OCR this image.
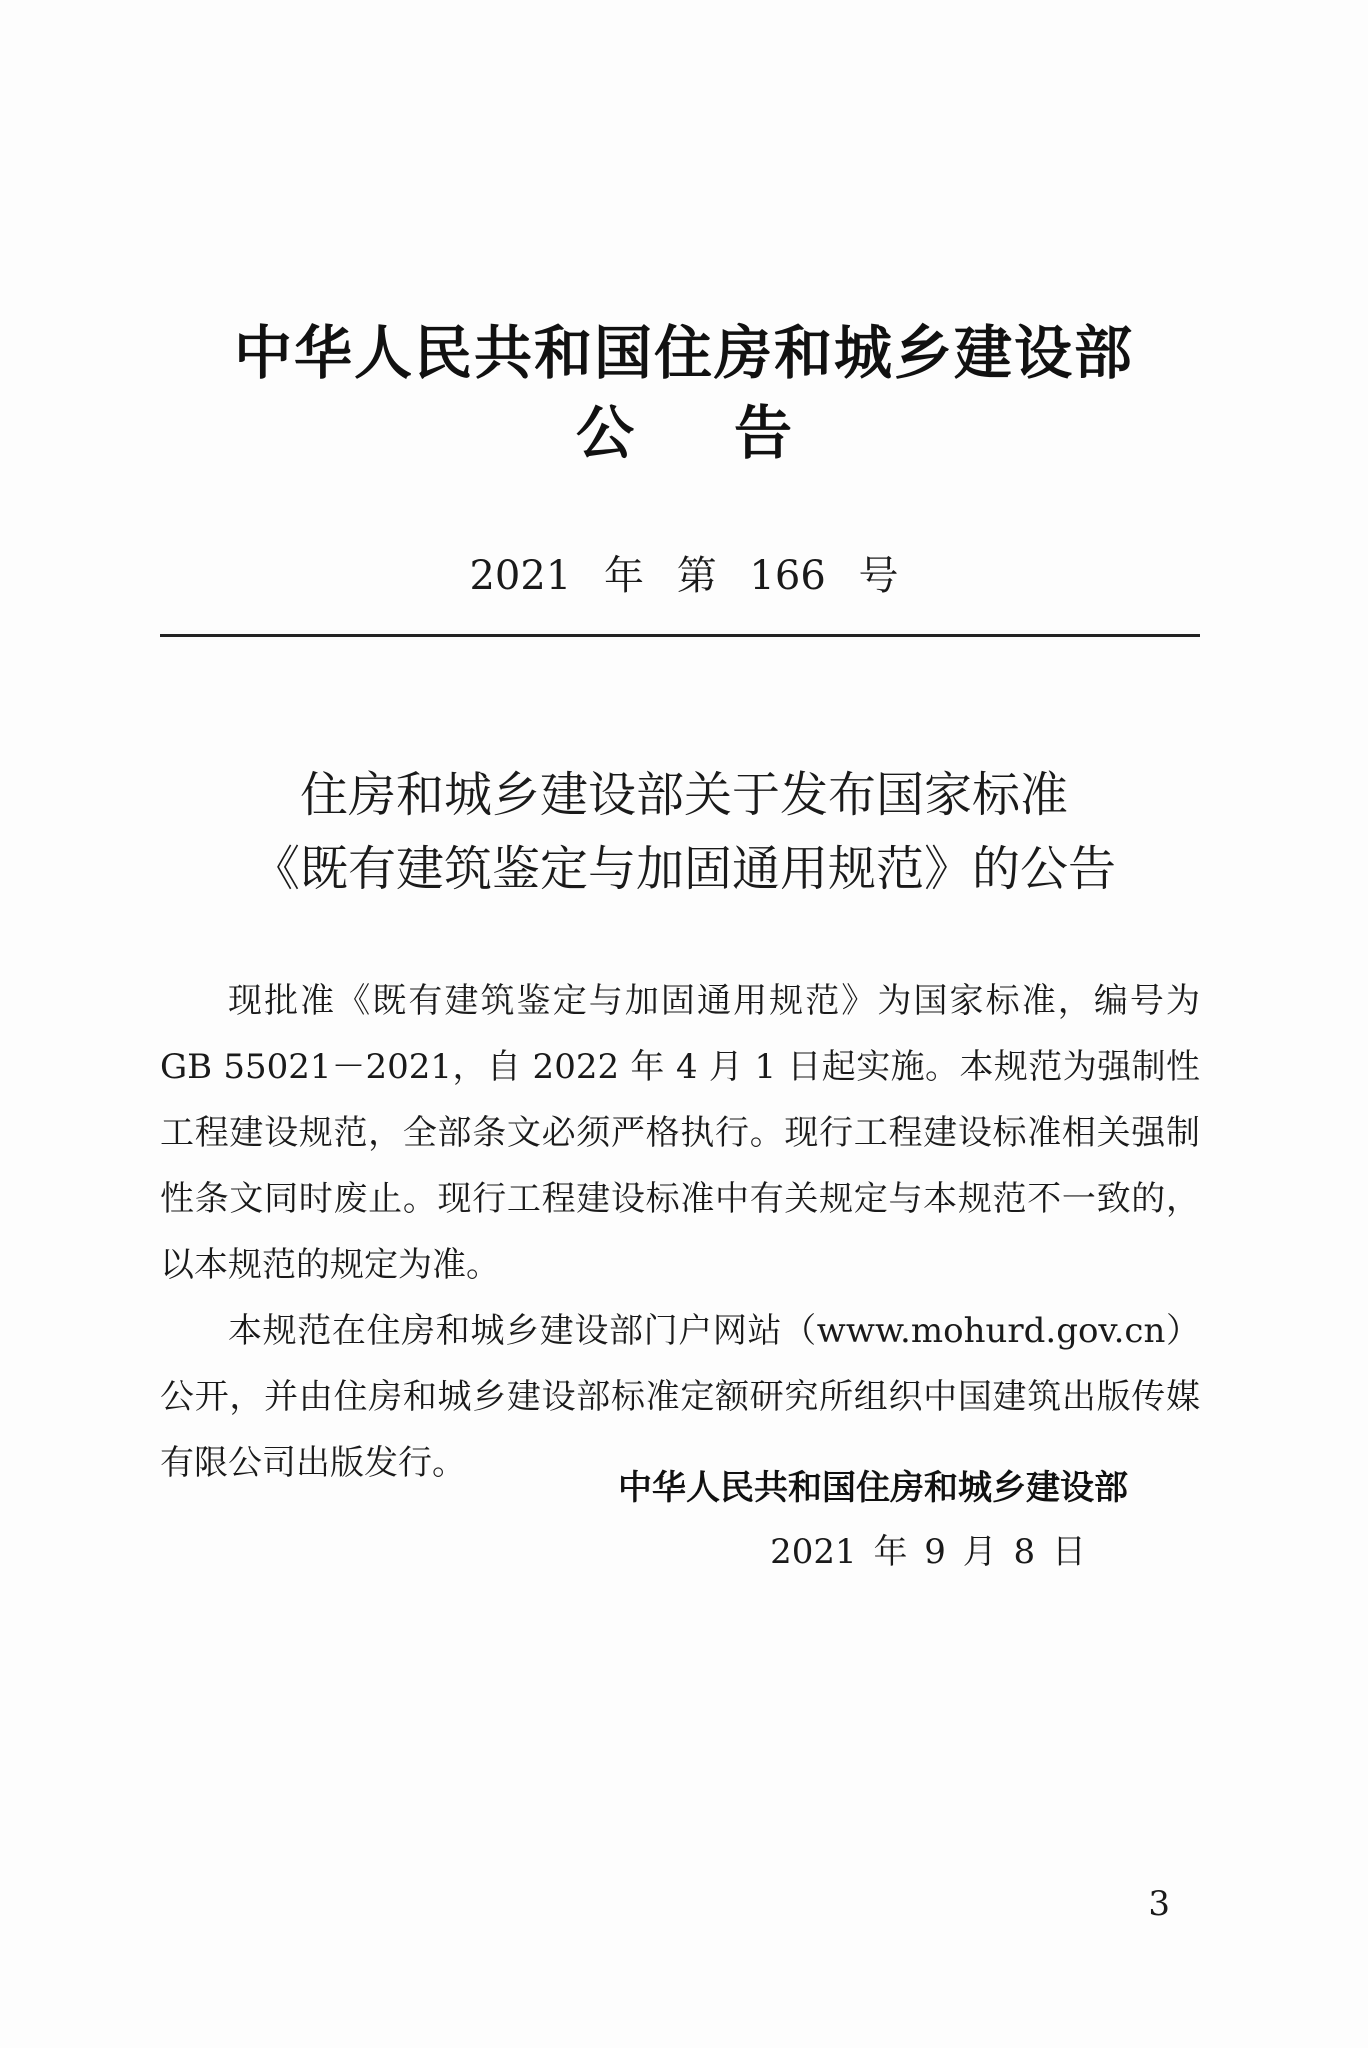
中华人民共和国住房和城乡建设部
公告
2021 年 第 166 号
住房和城乡建设部关于发布国家标准
《既有建筑鉴定与加固通用规范》的公告

现批准《既有建筑鉴定与加固通用规范》为国家标准，编号为 GB 55021－2021，自 2022 年 4 月 1 日起实施。本规范为强制性工程建设规范，全部条文必须严格执行。现行工程建设标准相关强制性条文同时废止。现行工程建设标准中有关规定与本规范不一致的，以本规范的规定为准。

本规范在住房和城乡建设部门户网站（www.mohurd.gov.cn）公开，并由住房和城乡建设部标准定额研究所组织中国建筑出版传媒有限公司出版发行。

中华人民共和国住房和城乡建设部
2021 年 9 月 8 日
3
